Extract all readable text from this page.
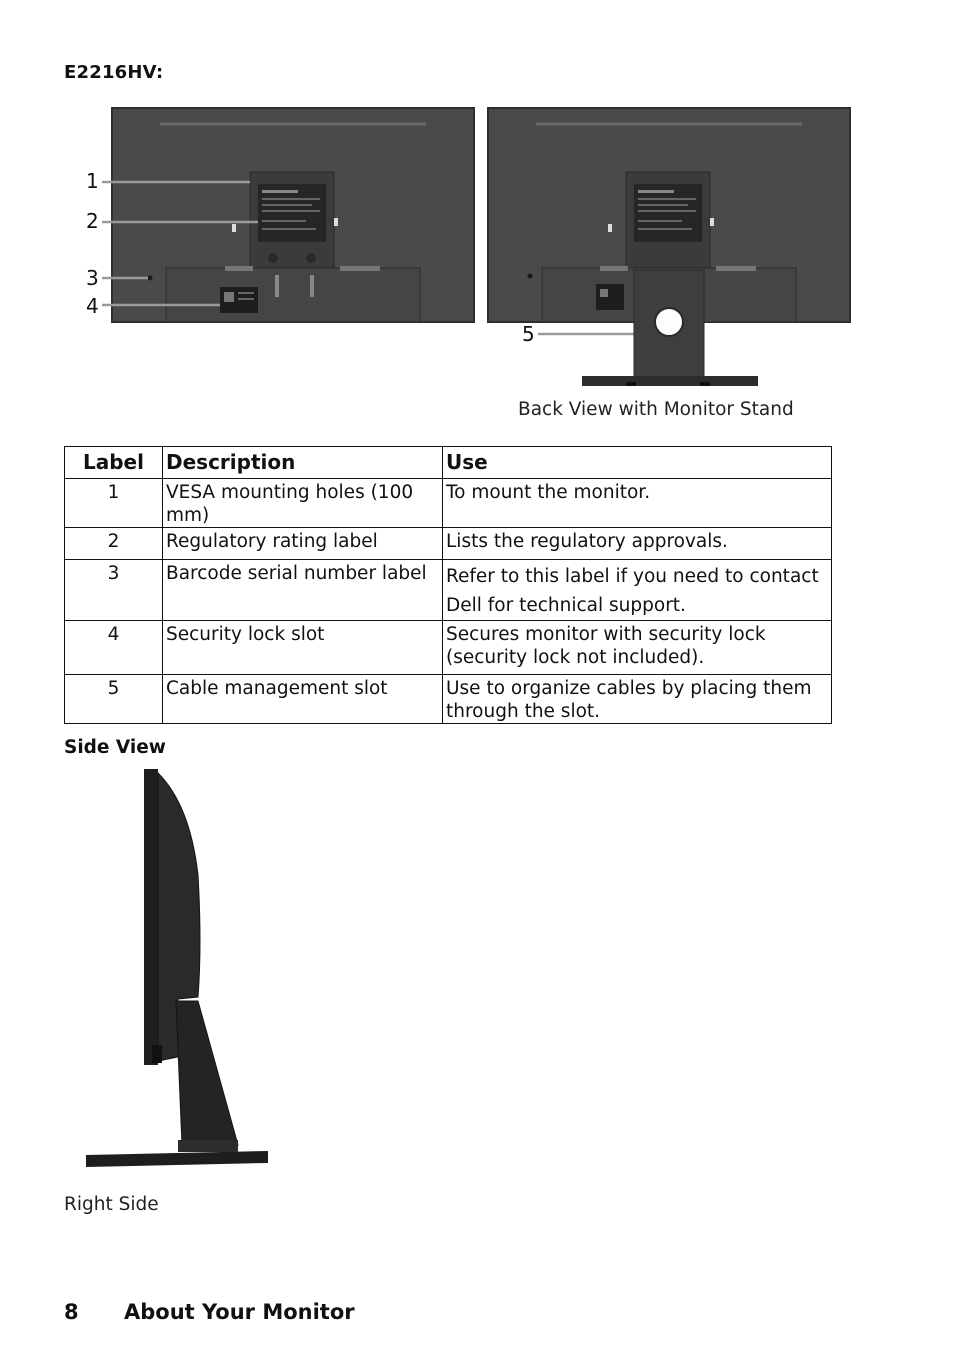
E2216HV:
1
2
3
4
5
Back View with Monitor Stand
Label	Description	Use
1	VESA mounting holes (100 mm)	To mount the monitor.
2	Regulatory rating label	Lists the regulatory approvals.
3	Barcode serial number label	Refer to this label if you need to contact Dell for technical support.
4	Security lock slot	Secures monitor with security lock (security lock not included).
5	Cable management slot	Use to organize cables by placing them through the slot.
Side View
Right Side
8 About Your Monitor
